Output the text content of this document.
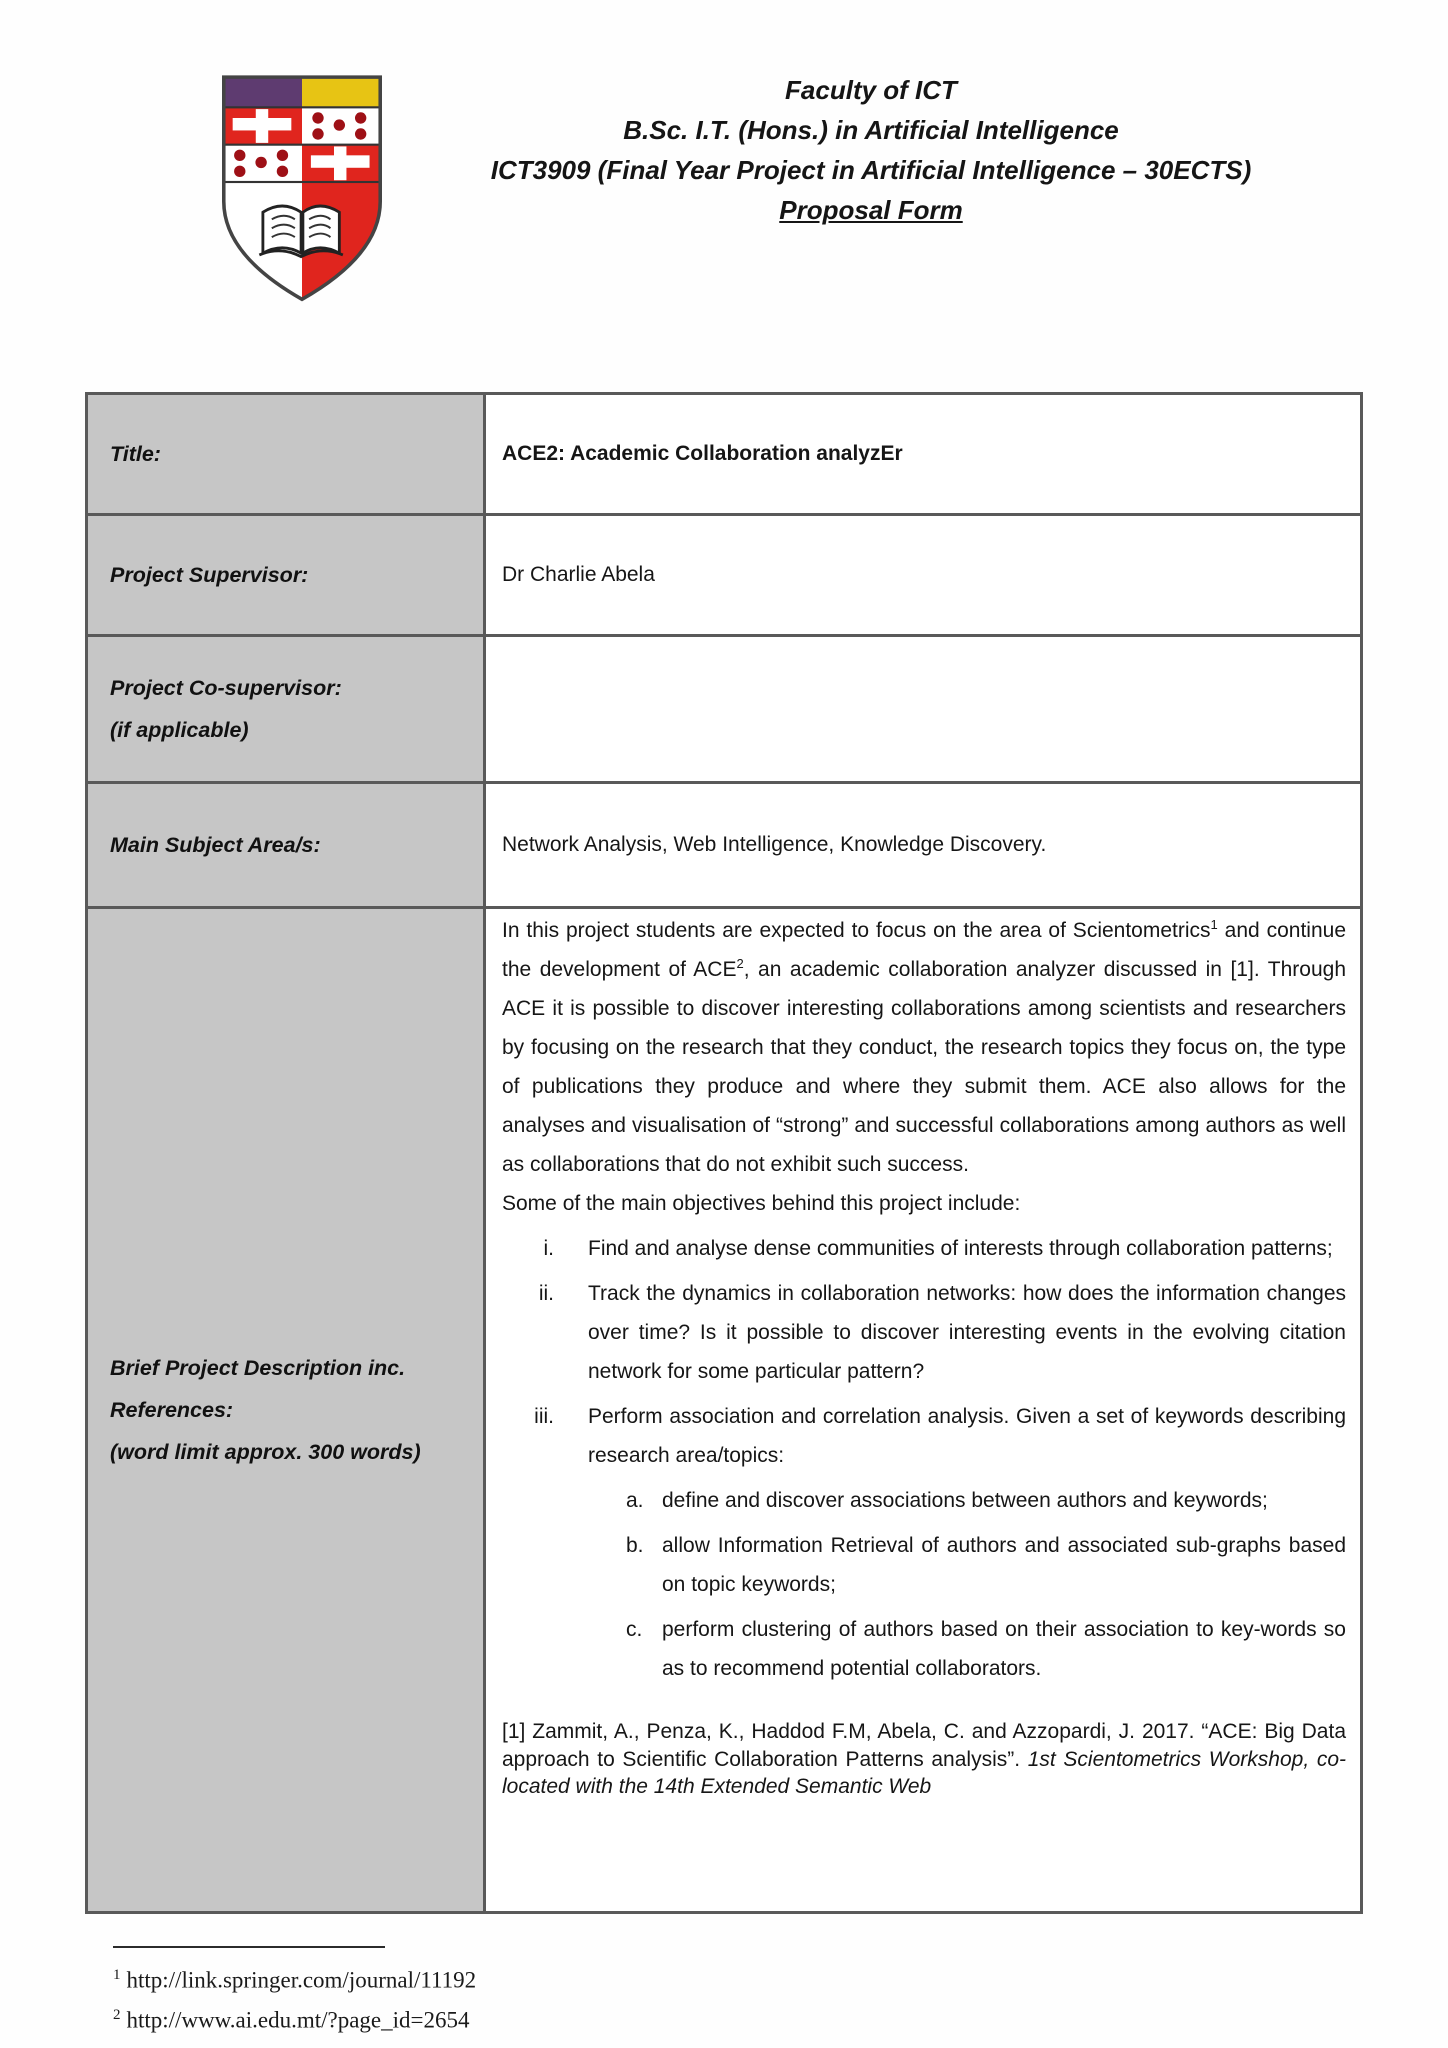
Faculty of ICT
B.Sc. I.T. (Hons.) in Artificial Intelligence
ICT3909 (Final Year Project in Artificial Intelligence – 30ECTS)
Proposal Form
Title:	ACE2: Academic Collaboration analyzEr
Project Supervisor:	Dr Charlie Abela
Project Co-supervisor:
(if applicable)
Main Subject Area/s:	Network Analysis, Web Intelligence, Knowledge Discovery.
Brief Project Description inc.
References:
(word limit approx. 300 words)

In this project students are expected to focus on the area of Scientometrics$^1$ and continue the development of ACE$^2$, an academic collaboration analyzer discussed in [1]. Through ACE it is possible to discover interesting collaborations among scientists and researchers by focusing on the research that they conduct, the research topics they focus on, the type of publications they produce and where they submit them. ACE also allows for the analyses and visualisation of “strong” and successful collaborations among authors as well as collaborations that do not exhibit such success.

Some of the main objectives behind this project include:

i. Find and analyse dense communities of interests through collaboration patterns;
ii. Track the dynamics in collaboration networks: how does the information changes over time? Is it possible to discover interesting events in the evolving citation network for some particular pattern?
iii. Perform association and correlation analysis. Given a set of keywords describing research area/topics:
a. define and discover associations between authors and keywords;
b. allow Information Retrieval of authors and associated sub-graphs based on topic keywords;
c. perform clustering of authors based on their association to key-words so as to recommend potential collaborators.

[1] Zammit, A., Penza, K., Haddod F.M, Abela, C. and Azzopardi, J. 2017. “ACE: Big Data approach to Scientific Collaboration Patterns analysis”. 1st Scientometrics Workshop, co-located with the 14th Extended Semantic Web

$^1$ http://link.springer.com/journal/11192
$^2$ http://www.ai.edu.mt/?page_id=2654
